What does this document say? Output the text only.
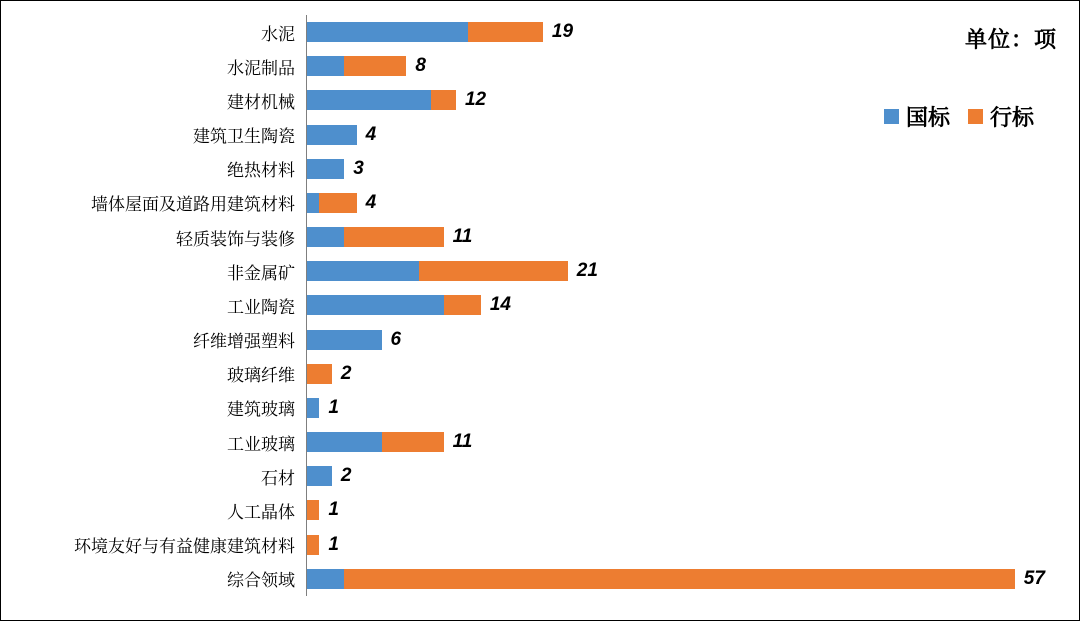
单位：项
国标 行标
水泥	19
水泥制品	8
建材机械	12
建筑卫生陶瓷	4
绝热材料	3
墙体屋面及道路用建筑材料	4
轻质装饰与装修	11
非金属矿	21
工业陶瓷	14
纤维增强塑料	6
玻璃纤维	2
建筑玻璃	1
工业玻璃	11
石材	2
人工晶体	1
环境友好与有益健康建筑材料	1
综合领域	57
